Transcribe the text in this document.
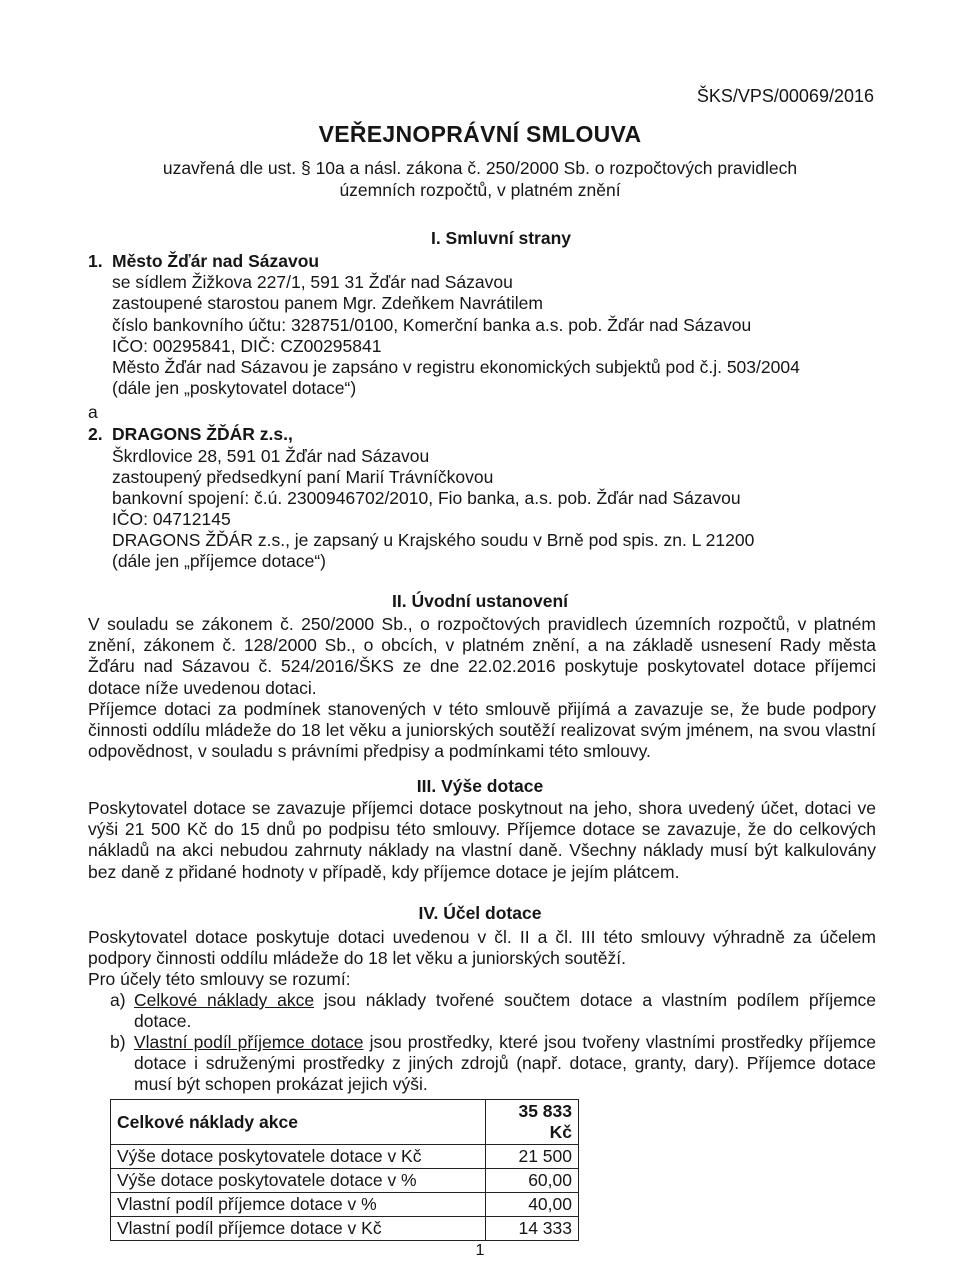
ŠKS/VPS/00069/2016
VEŘEJNOPRÁVNÍ SMLOUVA
uzavřená dle ust. § 10a a násl. zákona č. 250/2000 Sb. o rozpočtových pravidlech
územních rozpočtů, v platném znění
I. Smluvní strany
1. Město Žďár nad Sázavou
se sídlem Žižkova 227/1, 591 31 Žďár nad Sázavou
zastoupené starostou panem Mgr. Zdeňkem Navrátilem
číslo bankovního účtu: 328751/0100, Komerční banka a.s. pob. Žďár nad Sázavou
IČO: 00295841, DIČ: CZ00295841
Město Žďár nad Sázavou je zapsáno v registru ekonomických subjektů pod č.j. 503/2004
(dále jen „poskytovatel dotace“)
a
2. DRAGONS ŽĎÁR z.s.,
Škrdlovice 28, 591 01 Žďár nad Sázavou
zastoupený předsedkyní paní Marií Trávníčkovou
bankovní spojení: č.ú. 2300946702/2010, Fio banka, a.s. pob. Žďár nad Sázavou
IČO: 04712145
DRAGONS ŽĎÁR z.s., je zapsaný u Krajského soudu v Brně pod spis. zn. L 21200
(dále jen „příjemce dotace“)
II. Úvodní ustanovení

V souladu se zákonem č. 250/2000 Sb., o rozpočtových pravidlech územních rozpočtů, v platném znění, zákonem č. 128/2000 Sb., o obcích, v platném znění, a na základě usnesení Rady města Žďáru nad Sázavou č. 524/2016/ŠKS ze dne 22.02.2016 poskytuje poskytovatel dotace příjemci dotace níže uvedenou dotaci.

Příjemce dotaci za podmínek stanovených v této smlouvě přijímá a zavazuje se, že bude podpory činnosti oddílu mládeže do 18 let věku a juniorských soutěží realizovat svým jménem, na svou vlastní odpovědnost, v souladu s právními předpisy a podmínkami této smlouvy.

III. Výše dotace
Poskytovatel dotace se zavazuje příjemci dotace poskytnout na jeho, shora uvedený účet, dotaci ve výši 21 500 Kč do 15 dnů po podpisu této smlouvy. Příjemce dotace se zavazuje, že do celkových nákladů na akci nebudou zahrnuty náklady na vlastní daně. Všechny náklady musí být kalkulovány bez daně z přidané hodnoty v případě, kdy příjemce dotace je jejím plátcem.
IV. Účel dotace

Poskytovatel dotace poskytuje dotaci uvedenou v čl. II a čl. III této smlouvy výhradně za účelem podpory činnosti oddílu mládeže do 18 let věku a juniorských soutěží.

Pro účely této smlouvy se rozumí:

a) Celkové náklady akce jsou náklady tvořené součtem dotace a vlastním podílem příjemce dotace.
b) Vlastní podíl příjemce dotace jsou prostředky, které jsou tvořeny vlastními prostředky příjemce dotace i sdruženými prostředky z jiných zdrojů (např. dotace, granty, dary). Příjemce dotace musí být schopen prokázat jejich výši.
Celkové náklady akce	35 833 Kč
Výše dotace poskytovatele dotace v Kč	21 500
Výše dotace poskytovatele dotace v %	60,00
Vlastní podíl příjemce dotace v %	40,00
Vlastní podíl příjemce dotace v Kč	14 333
1
